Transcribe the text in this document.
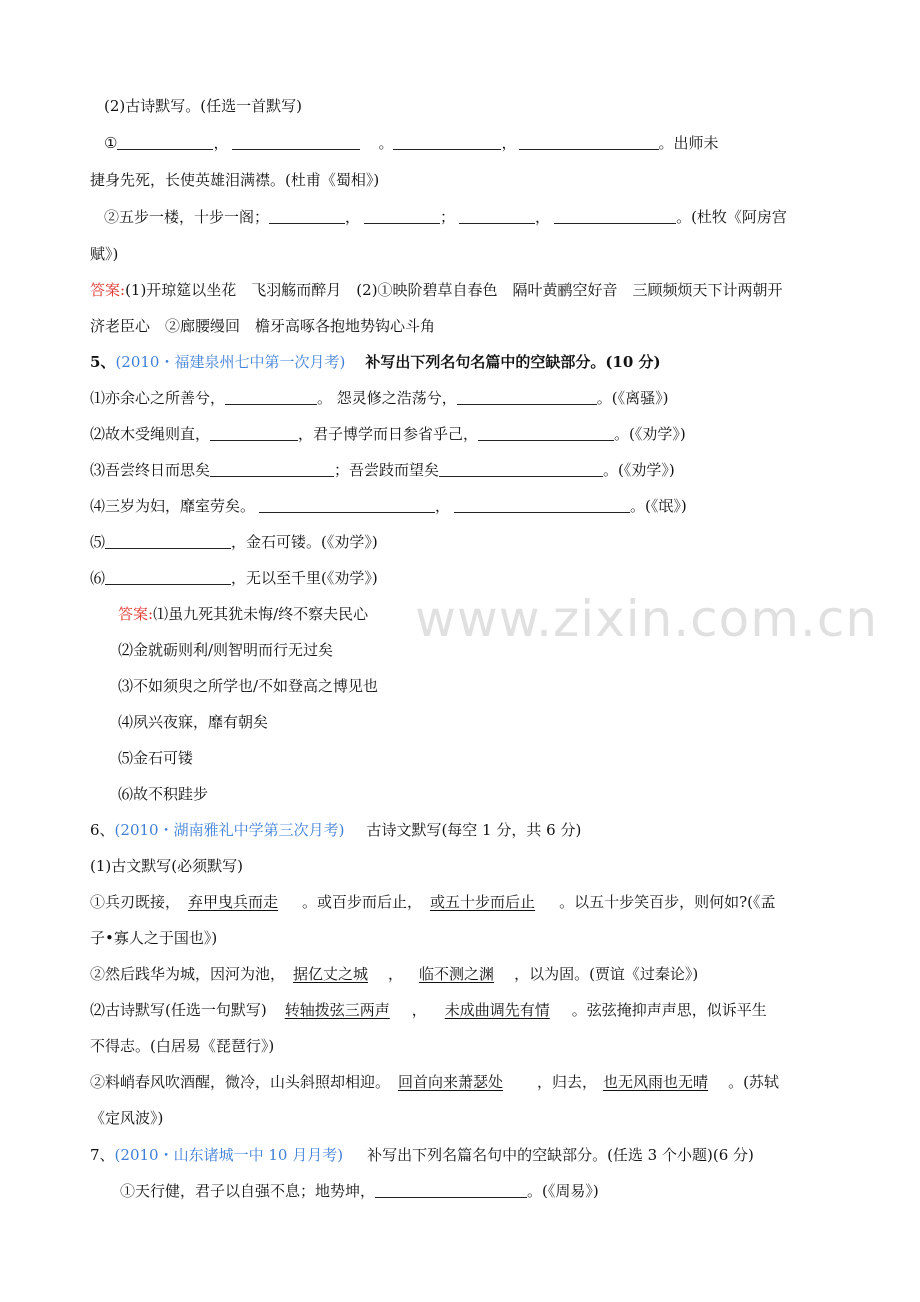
www.zixin.com.cn
(2)古诗默写。(任选一首默写)
①	，	。	，	。出师未
捷身先死，长使英雄泪满襟。(杜甫《蜀相》)
②五步一楼，十步一阁；	，	；	，	。(杜牧《阿房宫
赋》)
答案:(1)开琼筵以坐花　飞羽觞而醉月　(2)①映阶碧草自春色　隔叶黄鹂空好音　三顾频烦天下计两朝开
济老臣心　②廊腰缦回　檐牙高啄各抱地势钩心斗角
5、(2010・福建泉州七中第一次月考) 补写出下列名句名篇中的空缺部分。(10 分)
⑴亦余心之所善兮，	。 怨灵修之浩荡兮，	。(《离骚》)
⑵故木受绳则直，	，君子博学而日参省乎己，	。(《劝学》)
⑶吾尝终日而思矣	；吾尝跂而望矣	。(《劝学》)
⑷三岁为妇，靡室劳矣。	，	。(《氓》)
⑸	，金石可镂。(《劝学》)
⑹	，无以至千里(《劝学》)
答案:⑴虽九死其犹未悔/终不察夫民心
⑵金就砺则利/则智明而行无过矣
⑶不如须臾之所学也/不如登高之博见也
⑷夙兴夜寐，靡有朝矣
⑸金石可镂
⑹故不积跬步
6、(2010・湖南雅礼中学第三次月考) 古诗文默写(每空 1 分，共 6 分)
(1)古文默写(必须默写)
①兵刃既接， 弃甲曳兵而走 。或百步而后止， 或五十步而后止 。以五十步笑百步，则何如?(《孟
子•寡人之于国也》)
②然后践华为城，因河为池， 据亿丈之城 ， 临不测之渊 ，以为固。(贾谊《过秦论》)
⑵古诗默写(任选一句默写) 转轴拨弦三两声 ， 未成曲调先有情 。弦弦掩抑声声思，似诉平生
不得志。(白居易《琵琶行》)
②料峭春风吹酒醒，微冷，山头斜照却相迎。 回首向来萧瑟处 ，归去， 也无风雨也无晴 。(苏轼
《定风波》)
7、(2010・山东诸城一中 10 月月考) 补写出下列名篇名句中的空缺部分。(任选 3 个小题)(6 分)
①天行健，君子以自强不息；地势坤，	。(《周易》)
